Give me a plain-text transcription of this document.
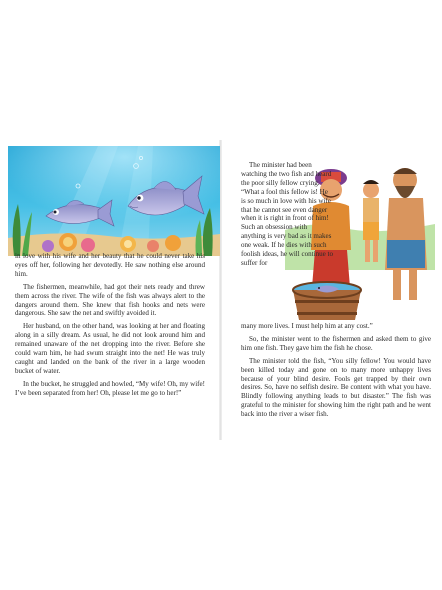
in love with his wife and her beauty that he could never take his eyes off her, following her devotedly. He saw nothing else around him.

The fishermen, meanwhile, had got their nets ready and threw them across the river. The wife of the fish was always alert to the dangers around them. She knew that fish hooks and nets were dangerous. She saw the net and swiftly avoided it.

Her husband, on the other hand, was looking at her and floating along in a silly dream. As usual, he did not look around him and remained unaware of the net dropping into the river. Before she could warn him, he had swum straight into the net! He was truly caught and landed on the bank of the river in a large wooden bucket of water.

In the bucket, he struggled and howled, “My wife! Oh, my wife! I’ve been separated from her! Oh, please let me go to her!”

The minister had been watching the two fish and heard the poor silly fellow crying. “What a fool this fellow is! He is so much in love with his wife that he cannot see even danger when it is right in front of him! Such an obsession with anything is very bad as it makes one weak. If he dies with such foolish ideas, he will continue to suffer for

many more lives. I must help him at any cost.”

So, the minister went to the fishermen and asked them to give him one fish. They gave him the fish he chose.

The minister told the fish, “You silly fellow! You would have been killed today and gone on to many more unhappy lives because of your blind desire. Fools get trapped by their own desires. So, have no selfish desire. Be content with what you have. Blindly following anything leads to but disaster.” The fish was grateful to the minister for showing him the right path and he went back into the river a wiser fish.
